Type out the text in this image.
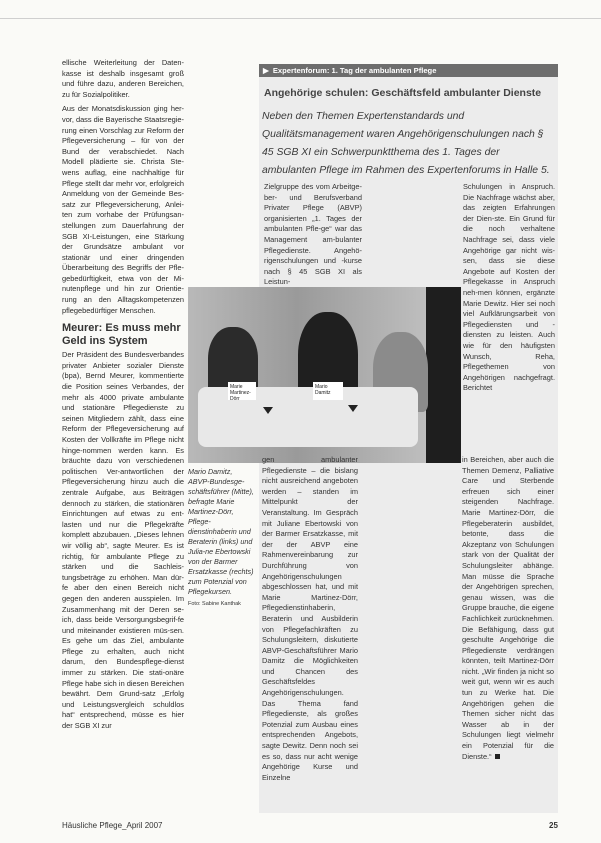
ellische Weiterleitung der Daten-kasse ist deshalb insgesamt groß und führe dazu, anderen Bereichen, zu für Sozialpolitiker.

Aus der Monatsdiskussion ging her-vor, dass die Bayerische Staatsregie-rung einen Vorschlag zur Reform der Pflegeversicherung – für von der Bund der verabschiedet. Nach Modell plädierte sie. Christa Ste-wens auflag, eine nachhaltige für Pflege stellt dar mehr vor, erfolgreich Anmeldung von der Gemeinde Bes-satz zur Pflegeversicherung, Anlei-ten zum vorhabe der Prüfungsan-stellungen zum Dauerfahrung der SGB XI-Leistungen, eine Stärkung der Grundsätze ambulant vor stationär und einer dringenden Überarbeitung des Begriffs der Pfle-gebedürftigkeit, etwa von der Mi-nutenpflege und hin zur Orientie-rung an den Alltagskompetenzen pflegebedürftiger Menschen.

Meurer: Es muss mehr Geld ins System

Der Präsident des Bundesverbandes privater Anbieter sozialer Dienste (bpa), Bernd Meurer, kommentierte die Position seines Verbandes, der mehr als 4000 private ambulante und stationäre Pflegedienste zu seinen Mitgliedern zählt, dass eine Reform der Pflegeversicherung auf Kosten der Vollkräfte im Pflege nicht hinge-nommen werden kann. Es bräuchte dazu von verschiedenen politischen Ver-antwortlichen der Pflegeversicherung hinzu auch die zentrale Aufgabe, aus Beiträgen dennoch zu stärken, die stationären Einrichtungen auf etwas zu ent-lasten und nur die Pflegekräfte komplett abzubauen. „Dieses lehnen wir völlig ab“, sagte Meurer. Es ist richtig, für ambulante Pflege zu stärken und die Sachleis-tungsbeträge zu erhöhen. Man dür-fe aber den einen Bereich nicht gegen den anderen ausspielen. Im Zusammenhang mit der Deren se-ich, dass beide Versorgungsbegrif-fe und miteinander existieren müs-sen. Es gehe um das Ziel, ambulante Pflege zu erhalten, auch nicht darum, den Bundespflege-dienst immer zu stärken. Die stati-onäre Pflege habe sich in diesen Bereichen bewährt. Dem Grund-satz „Erfolg und Leistungsvergleich schuldlos hat“ entsprechend, müsse es hier der SGB XI zur

▶ Expertenforum: 1. Tag der ambulanten Pflege
Angehörige schulen: Geschäftsfeld ambulanter Dienste
Neben den Themen Expertenstandards und Qualitätsmanagement waren Angehörigenschulungen nach § 45 SGB XI ein Schwerpunktthema des 1. Tages der ambulanten Pflege im Rahmen des Expertenforums in Halle 5.
Zielgruppe des vom Arbeitge-ber- und Berufsverband Privater Pflege (ABVP) organisierten „1. Tages der ambulanten Pfle-ge“ war das Management am-bulanter Pflegedienste. Angehö-rigenschulungen und -kurse nach § 45 SGB XI als Leistun-
Schulungen in Anspruch. Die Nachfrage wächst aber, das zeigten Erfahrungen der Dien-ste. Ein Grund für die noch verhaltene Nachfrage sei, dass viele Angehörige gar nicht wis-sen, dass sie diese Angebote auf Kosten der Pflegekasse in Anspruch neh-men können, ergänzte Marie Dewitz. Hier sei noch viel Aufklärungsarbeit von Pflegediensten und -diensten zu leisten. Auch wie für den häufigsten Wunsch, Reha, Pflegethemen von Angehörigen nachgefragt. Berichtet
Marie Martinez-Dörr
Mario Damitz
Mario Damitz, ABVP-Bundesge-schäftsführer (Mitte), befragte Marie Martinez-Dörr, Pflege-dienstinhaberin und Beraterin (links) und Julia-ne Ebertowski von der Barmer Ersatzkasse (rechts) zum Potenzial von Pflegekursen.
Foto: Sabine Kanthak
gen ambulanter Pflegedienste – die bislang nicht ausreichend angeboten werden – standen im Mittelpunkt der Veranstaltung. Im Gespräch mit Juliane Ebertowski von der Barmer Ersatzkasse, mit der der ABVP eine Rahmenvereinbarung zur Durchführung von Angehörigenschulungen abgeschlossen hat, und mit Marie Martinez-Dörr, Pflegedienstinhaberin, Beraterin und Ausbilderin von Pflegefachkräften zu Schulungsleitern, diskutierte ABVP-Geschäftsführer Mario Damitz die Möglichkeiten und Chancen des Geschäftsfeldes Angehörigenschulungen. Das Thema fand Pflegedienste, als großes Potenzial zum Ausbau eines entsprechenden Angebots, sagte Dewitz. Denn noch sei es so, dass nur acht wenige Angehörige Kurse und Einzelne
in Bereichen, aber auch die Themen Demenz, Palliative Care und Sterbende erfreuen sich einer steigenden Nachfrage. Marie Martinez-Dörr, die Pflegeberaterin ausbildet, betonte, dass die Akzeptanz von Schulungen stark von der Qualität der Schulungsleiter abhänge. Man müsse die Sprache der Angehörigen sprechen, genau wissen, was die Gruppe brauche, die eigene Fachlichkeit zurücknehmen. Die Befähigung, dass gut geschulte Angehörige die Pflegedienste verdrängen könnten, teilt Martinez-Dörr nicht. „Wir finden ja nicht so weit gut, wenn wir es auch tun zu Werke hat. Die Angehörigen gehen die Themen sicher nicht das Wasser ab in der Schulungen liegt vielmehr ein Potenzial für die Dienste.“
Häusliche Pflege_April 2007	25
